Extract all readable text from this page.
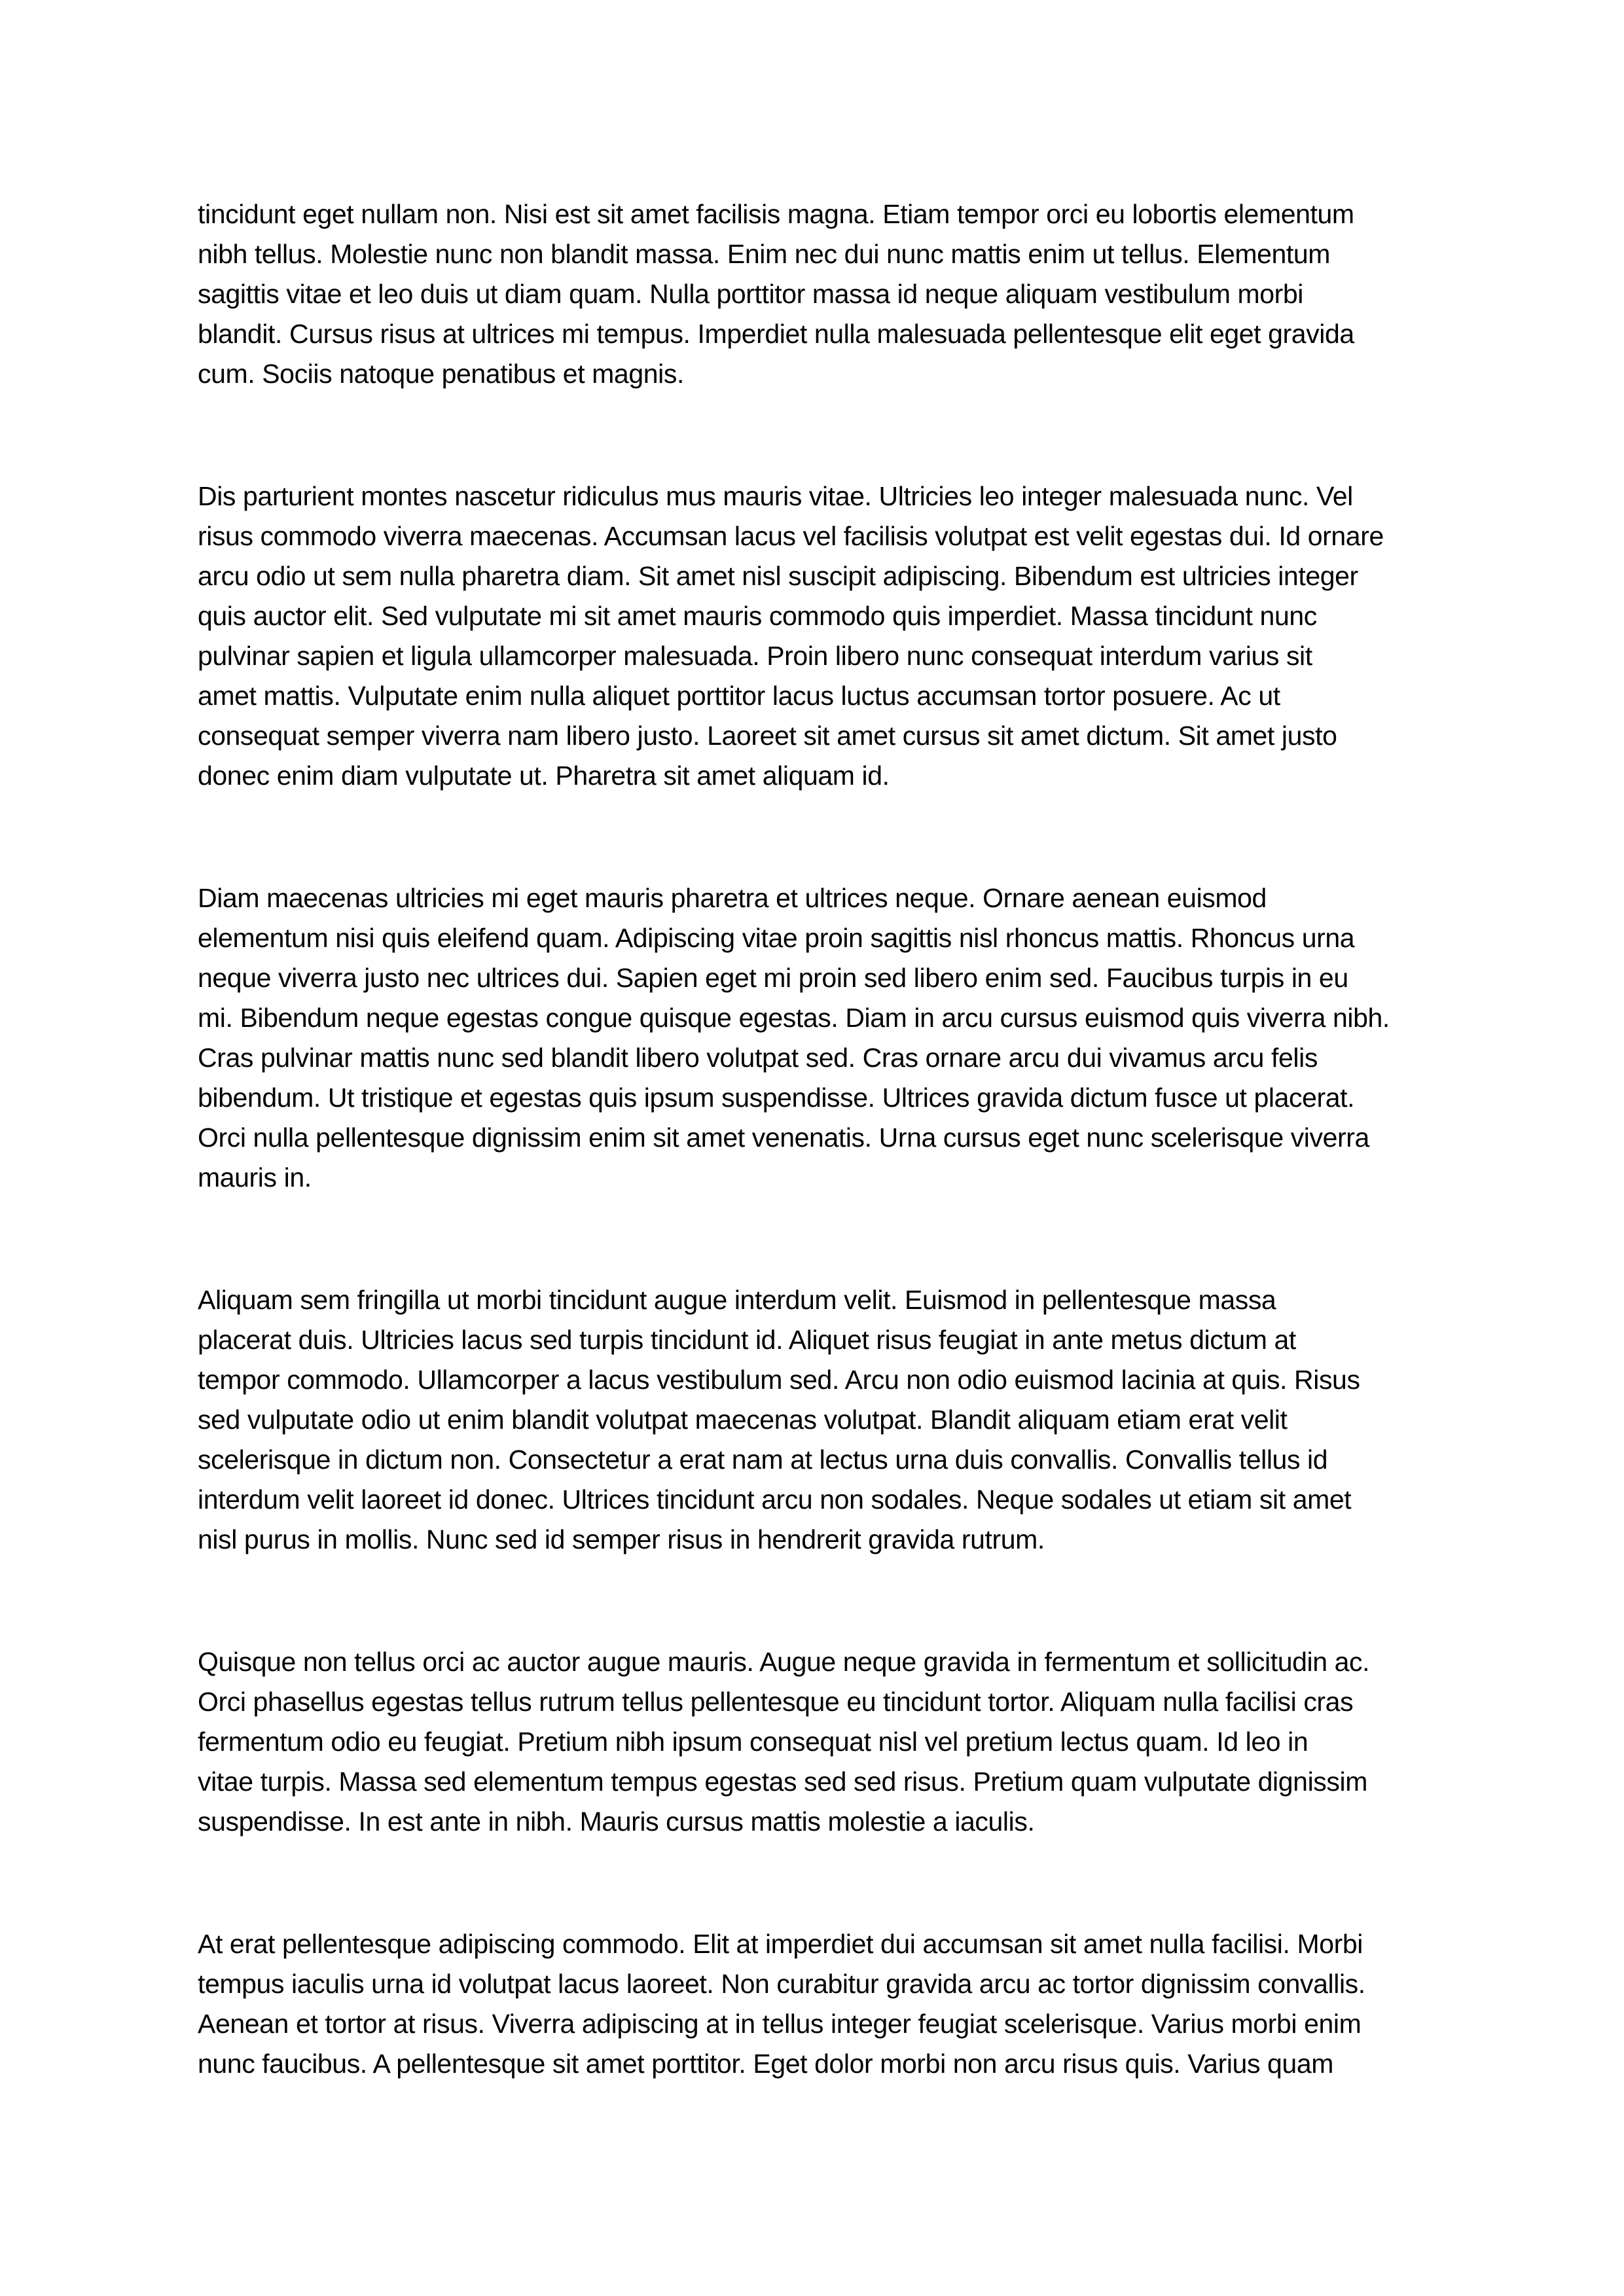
tincidunt eget nullam non. Nisi est sit amet facilisis magna. Etiam tempor orci eu lobortis elementum
nibh tellus. Molestie nunc non blandit massa. Enim nec dui nunc mattis enim ut tellus. Elementum
sagittis vitae et leo duis ut diam quam. Nulla porttitor massa id neque aliquam vestibulum morbi
blandit. Cursus risus at ultrices mi tempus. Imperdiet nulla malesuada pellentesque elit eget gravida
cum. Sociis natoque penatibus et magnis.

Dis parturient montes nascetur ridiculus mus mauris vitae. Ultricies leo integer malesuada nunc. Vel
risus commodo viverra maecenas. Accumsan lacus vel facilisis volutpat est velit egestas dui. Id ornare
arcu odio ut sem nulla pharetra diam. Sit amet nisl suscipit adipiscing. Bibendum est ultricies integer
quis auctor elit. Sed vulputate mi sit amet mauris commodo quis imperdiet. Massa tincidunt nunc
pulvinar sapien et ligula ullamcorper malesuada. Proin libero nunc consequat interdum varius sit
amet mattis. Vulputate enim nulla aliquet porttitor lacus luctus accumsan tortor posuere. Ac ut
consequat semper viverra nam libero justo. Laoreet sit amet cursus sit amet dictum. Sit amet justo
donec enim diam vulputate ut. Pharetra sit amet aliquam id.

Diam maecenas ultricies mi eget mauris pharetra et ultrices neque. Ornare aenean euismod
elementum nisi quis eleifend quam. Adipiscing vitae proin sagittis nisl rhoncus mattis. Rhoncus urna
neque viverra justo nec ultrices dui. Sapien eget mi proin sed libero enim sed. Faucibus turpis in eu
mi. Bibendum neque egestas congue quisque egestas. Diam in arcu cursus euismod quis viverra nibh.
Cras pulvinar mattis nunc sed blandit libero volutpat sed. Cras ornare arcu dui vivamus arcu felis
bibendum. Ut tristique et egestas quis ipsum suspendisse. Ultrices gravida dictum fusce ut placerat.
Orci nulla pellentesque dignissim enim sit amet venenatis. Urna cursus eget nunc scelerisque viverra
mauris in.

Aliquam sem fringilla ut morbi tincidunt augue interdum velit. Euismod in pellentesque massa
placerat duis. Ultricies lacus sed turpis tincidunt id. Aliquet risus feugiat in ante metus dictum at
tempor commodo. Ullamcorper a lacus vestibulum sed. Arcu non odio euismod lacinia at quis. Risus
sed vulputate odio ut enim blandit volutpat maecenas volutpat. Blandit aliquam etiam erat velit
scelerisque in dictum non. Consectetur a erat nam at lectus urna duis convallis. Convallis tellus id
interdum velit laoreet id donec. Ultrices tincidunt arcu non sodales. Neque sodales ut etiam sit amet
nisl purus in mollis. Nunc sed id semper risus in hendrerit gravida rutrum.

Quisque non tellus orci ac auctor augue mauris. Augue neque gravida in fermentum et sollicitudin ac.
Orci phasellus egestas tellus rutrum tellus pellentesque eu tincidunt tortor. Aliquam nulla facilisi cras
fermentum odio eu feugiat. Pretium nibh ipsum consequat nisl vel pretium lectus quam. Id leo in
vitae turpis. Massa sed elementum tempus egestas sed sed risus. Pretium quam vulputate dignissim
suspendisse. In est ante in nibh. Mauris cursus mattis molestie a iaculis.

At erat pellentesque adipiscing commodo. Elit at imperdiet dui accumsan sit amet nulla facilisi. Morbi
tempus iaculis urna id volutpat lacus laoreet. Non curabitur gravida arcu ac tortor dignissim convallis.
Aenean et tortor at risus. Viverra adipiscing at in tellus integer feugiat scelerisque. Varius morbi enim
nunc faucibus. A pellentesque sit amet porttitor. Eget dolor morbi non arcu risus quis. Varius quam
